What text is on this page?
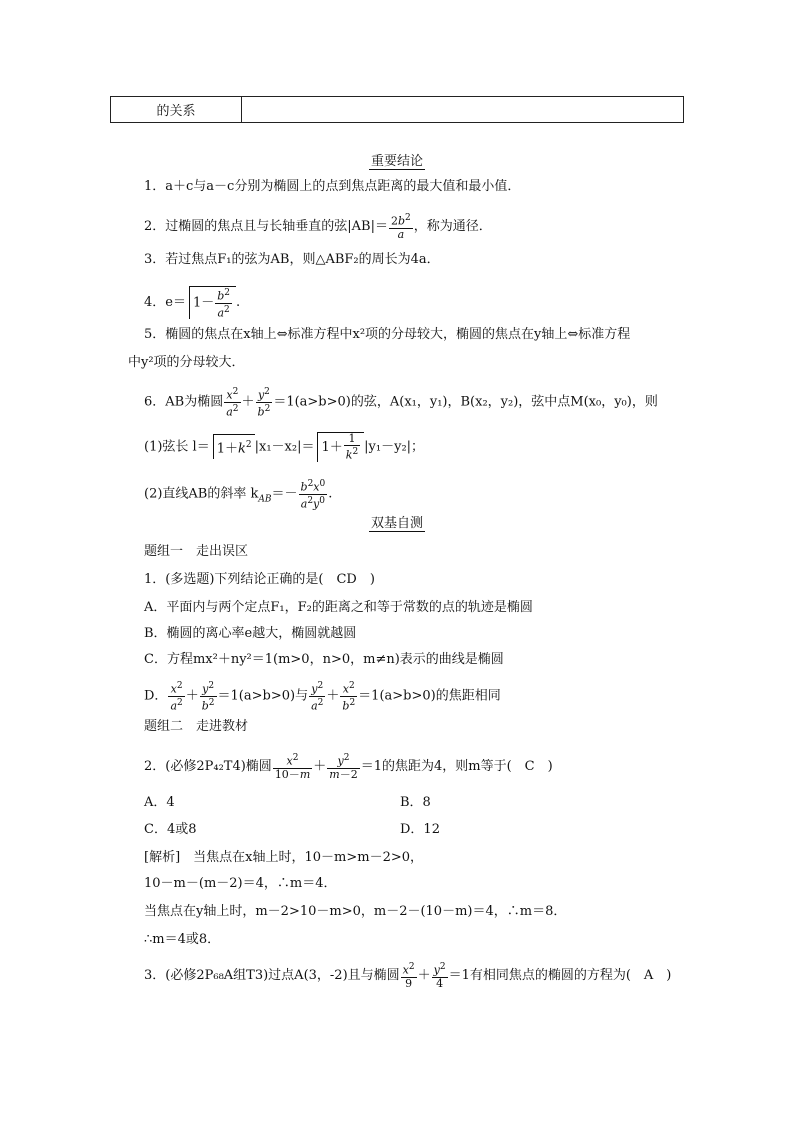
的关系
重要结论
1．a＋c与a－c分别为椭圆上的点到焦点距离的最大值和最小值．
2．过椭圆的焦点且与长轴垂直的弦$|AB|= \frac{2b^2}{a}$ ，称为通径．
3．若过焦点F₁的弦为AB，则△ABF₂的周长为4a．
4．$e= 1- \frac{b^2}{a^2}$ .
5．椭圆的焦点在x轴上⇔标准方程中x²项的分母较大，椭圆的焦点在y轴上⇔标准方程
中y²项的分母较大．
6．AB为椭圆 $\frac{x^2}{a^2} + \frac{y^2}{b^2} =1(a>b>0)$的弦，A(x₁，y₁)，B(x₂，y₂)，弦中点M(x₀，y₀)，则
(1)弦长 $l= 1+k^2$ $|x_1-x_2|= 1+ \frac{1}{k^2} |y_1-y_2|$；
(2)直线AB的斜率 $k_{AB}=- \frac{b^2x^0}{a^2y^0}$ .
双基自测
题组一　走出误区
1．(多选题)下列结论正确的是(　CD　)
A．平面内与两个定点F₁，F₂的距离之和等于常数的点的轨迹是椭圆
B．椭圆的离心率e越大，椭圆就越圆
C．方程mx²＋ny²＝1(m>0，n>0，m≠n)表示的曲线是椭圆
D． $\frac{x^2}{a^2} + \frac{y^2}{b^2} =1(a>b>0)$与 $\frac{y^2}{a^2} + \frac{x^2}{b^2} =1(a>b>0)$的焦距相同
题组二　走进教材
2．(必修2P₄₂T4)椭圆 $\frac{x^2}{10-m} + \frac{y^2}{m-2} =1$的焦距为4，则m等于(　C　)
A．4	B．8
C．4或8	D．12
[解析]　当焦点在x轴上时，10－m>m－2>0，
10－m－(m－2)＝4，∴m＝4．
当焦点在y轴上时，m－2>10－m>0，m－2－(10－m)＝4，∴m＝8．
∴m＝4或8．
3．(必修2P₆₈A组T3)过点A(3，-2)且与椭圆 $\frac{x^2}{9} + \frac{y^2}{4} =1$有相同焦点的椭圆的方程为(　A　)
